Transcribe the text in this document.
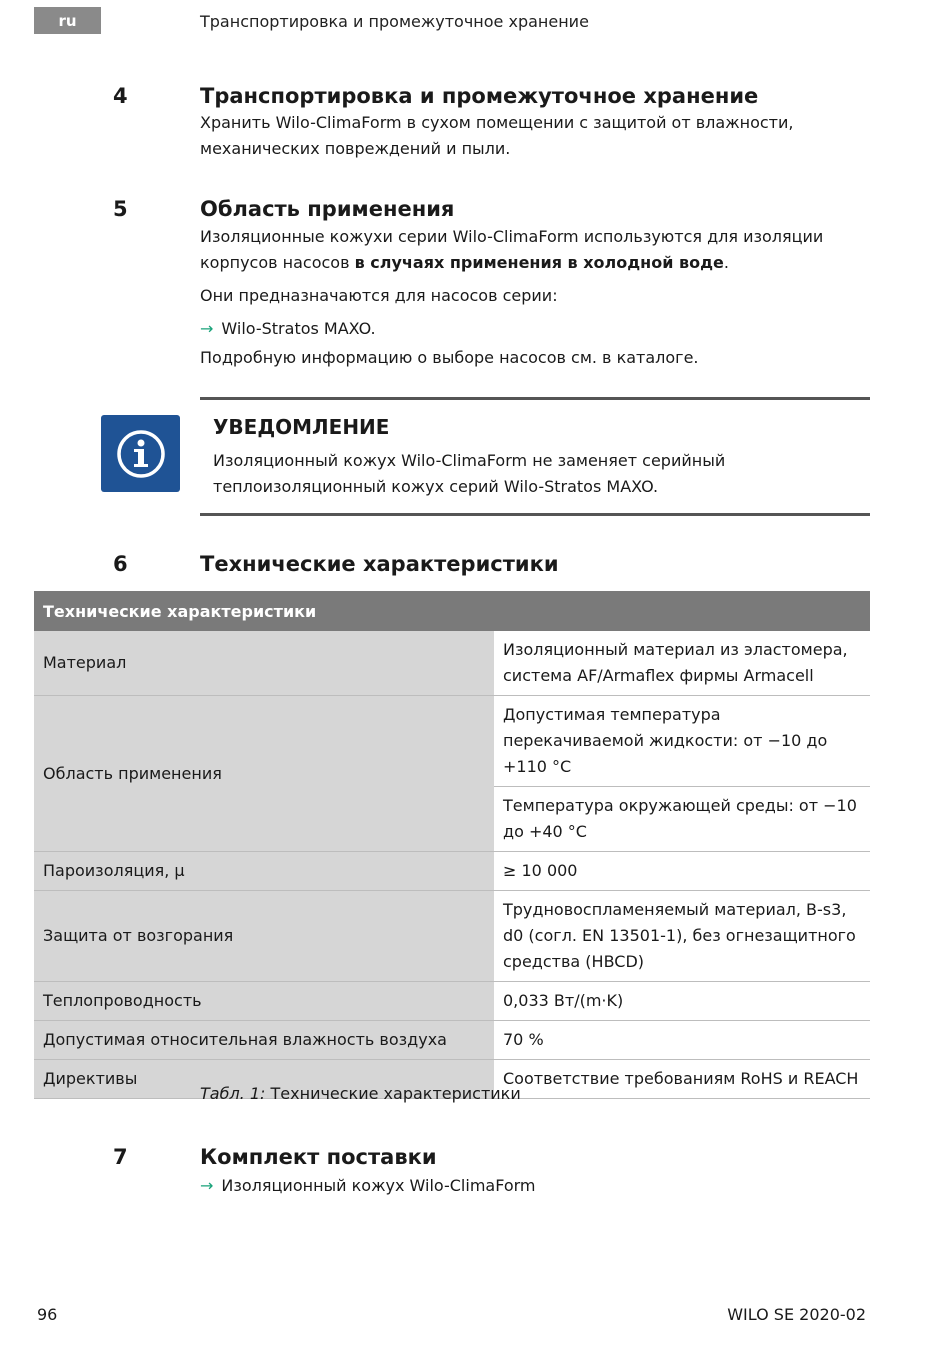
ru	Транспортировка и промежуточное хранение
4	Транспортировка и промежуточное хранение
Хранить Wilo-ClimaForm в сухом помещении с защитой от влажности, механических повреждений и пыли.
5	Область применения
Изоляционные кожухи серии Wilo-ClimaForm используются для изоляции корпусов насосов в случаях применения в холодной воде.
Они предназначаются для насосов серии:
→ Wilo-Stratos MAXO.
Подробную информацию о выборе насосов см. в каталоге.
УВЕДОМЛЕНИЕ
Изоляционный кожух Wilo-ClimaForm не заменяет серийный теплоизоляционный кожух серий Wilo-Stratos MAXO.
6	Технические характеристики
Технические характеристики	
Материал	Изоляционный материал из эластомера, система AF/Armaflex фирмы Armacell
Область применения	Допустимая температура перекачиваемой жидкости: от −10 до +110 °C
	Температура окружающей среды: от −10 до +40 °C
Пароизоляция, μ	≥ 10 000
Защита от возгорания	Трудновоспламеняемый материал, B-s3, d0 (согл. EN 13501-1), без огнезащитного средства (HBCD)
Теплопроводность	0,033 Вт/(m·K)
Допустимая относительная влажность воздуха	70 %
Директивы	Соответствие требованиям RoHS и REACH
Табл. 1: Технические характеристики
7	Комплект поставки
→ Изоляционный кожух Wilo-ClimaForm
96	WILO SE 2020-02
